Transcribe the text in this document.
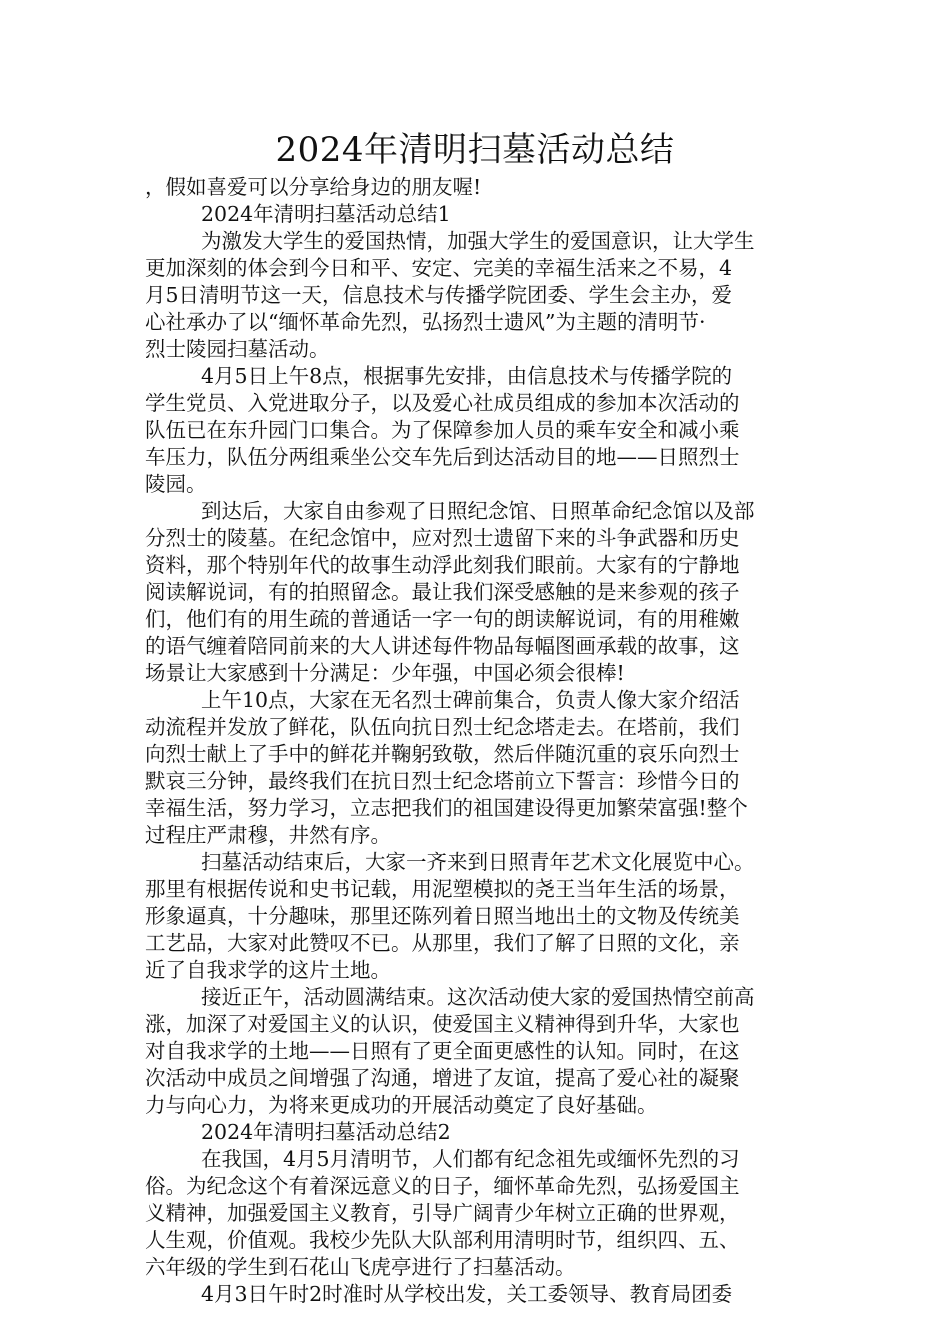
2024年清明扫墓活动总结
，假如喜爱可以分享给身边的朋友喔!
2024年清明扫墓活动总结1
为激发大学生的爱国热情，加强大学生的爱国意识，让大学生
更加深刻的体会到今日和平、安定、完美的幸福生活来之不易，4
月5日清明节这一天，信息技术与传播学院团委、学生会主办，爱
心社承办了以“缅怀革命先烈，弘扬烈士遗风”为主题的清明节·
烈士陵园扫墓活动。
4月5日上午8点，根据事先安排，由信息技术与传播学院的
学生党员、入党进取分子，以及爱心社成员组成的参加本次活动的
队伍已在东升园门口集合。为了保障参加人员的乘车安全和减小乘
车压力，队伍分两组乘坐公交车先后到达活动目的地——日照烈士
陵园。
到达后，大家自由参观了日照纪念馆、日照革命纪念馆以及部
分烈士的陵墓。在纪念馆中，应对烈士遗留下来的斗争武器和历史
资料，那个特别年代的故事生动浮此刻我们眼前。大家有的宁静地
阅读解说词，有的拍照留念。最让我们深受感触的是来参观的孩子
们，他们有的用生疏的普通话一字一句的朗读解说词，有的用稚嫩
的语气缠着陪同前来的大人讲述每件物品每幅图画承载的故事，这
场景让大家感到十分满足：少年强，中国必须会很棒!
上午10点，大家在无名烈士碑前集合，负责人像大家介绍活
动流程并发放了鲜花，队伍向抗日烈士纪念塔走去。在塔前，我们
向烈士献上了手中的鲜花并鞠躬致敬，然后伴随沉重的哀乐向烈士
默哀三分钟，最终我们在抗日烈士纪念塔前立下誓言：珍惜今日的
幸福生活，努力学习，立志把我们的祖国建设得更加繁荣富强!整个
过程庄严肃穆，井然有序。
扫墓活动结束后，大家一齐来到日照青年艺术文化展览中心。
那里有根据传说和史书记载，用泥塑模拟的尧王当年生活的场景，
形象逼真，十分趣味，那里还陈列着日照当地出土的文物及传统美
工艺品，大家对此赞叹不已。从那里，我们了解了日照的文化，亲
近了自我求学的这片土地。
接近正午，活动圆满结束。这次活动使大家的爱国热情空前高
涨，加深了对爱国主义的认识，使爱国主义精神得到升华，大家也
对自我求学的土地——日照有了更全面更感性的认知。同时，在这
次活动中成员之间增强了沟通，增进了友谊，提高了爱心社的凝聚
力与向心力，为将来更成功的开展活动奠定了良好基础。
2024年清明扫墓活动总结2
在我国，4月5月清明节，人们都有纪念祖先或缅怀先烈的习
俗。为纪念这个有着深远意义的日子，缅怀革命先烈，弘扬爱国主
义精神，加强爱国主义教育，引导广阔青少年树立正确的世界观，
人生观，价值观。我校少先队大队部利用清明时节，组织四、五、
六年级的学生到石花山飞虎亭进行了扫墓活动。
4月3日午时2时准时从学校出发，关工委领导、教育局团委
